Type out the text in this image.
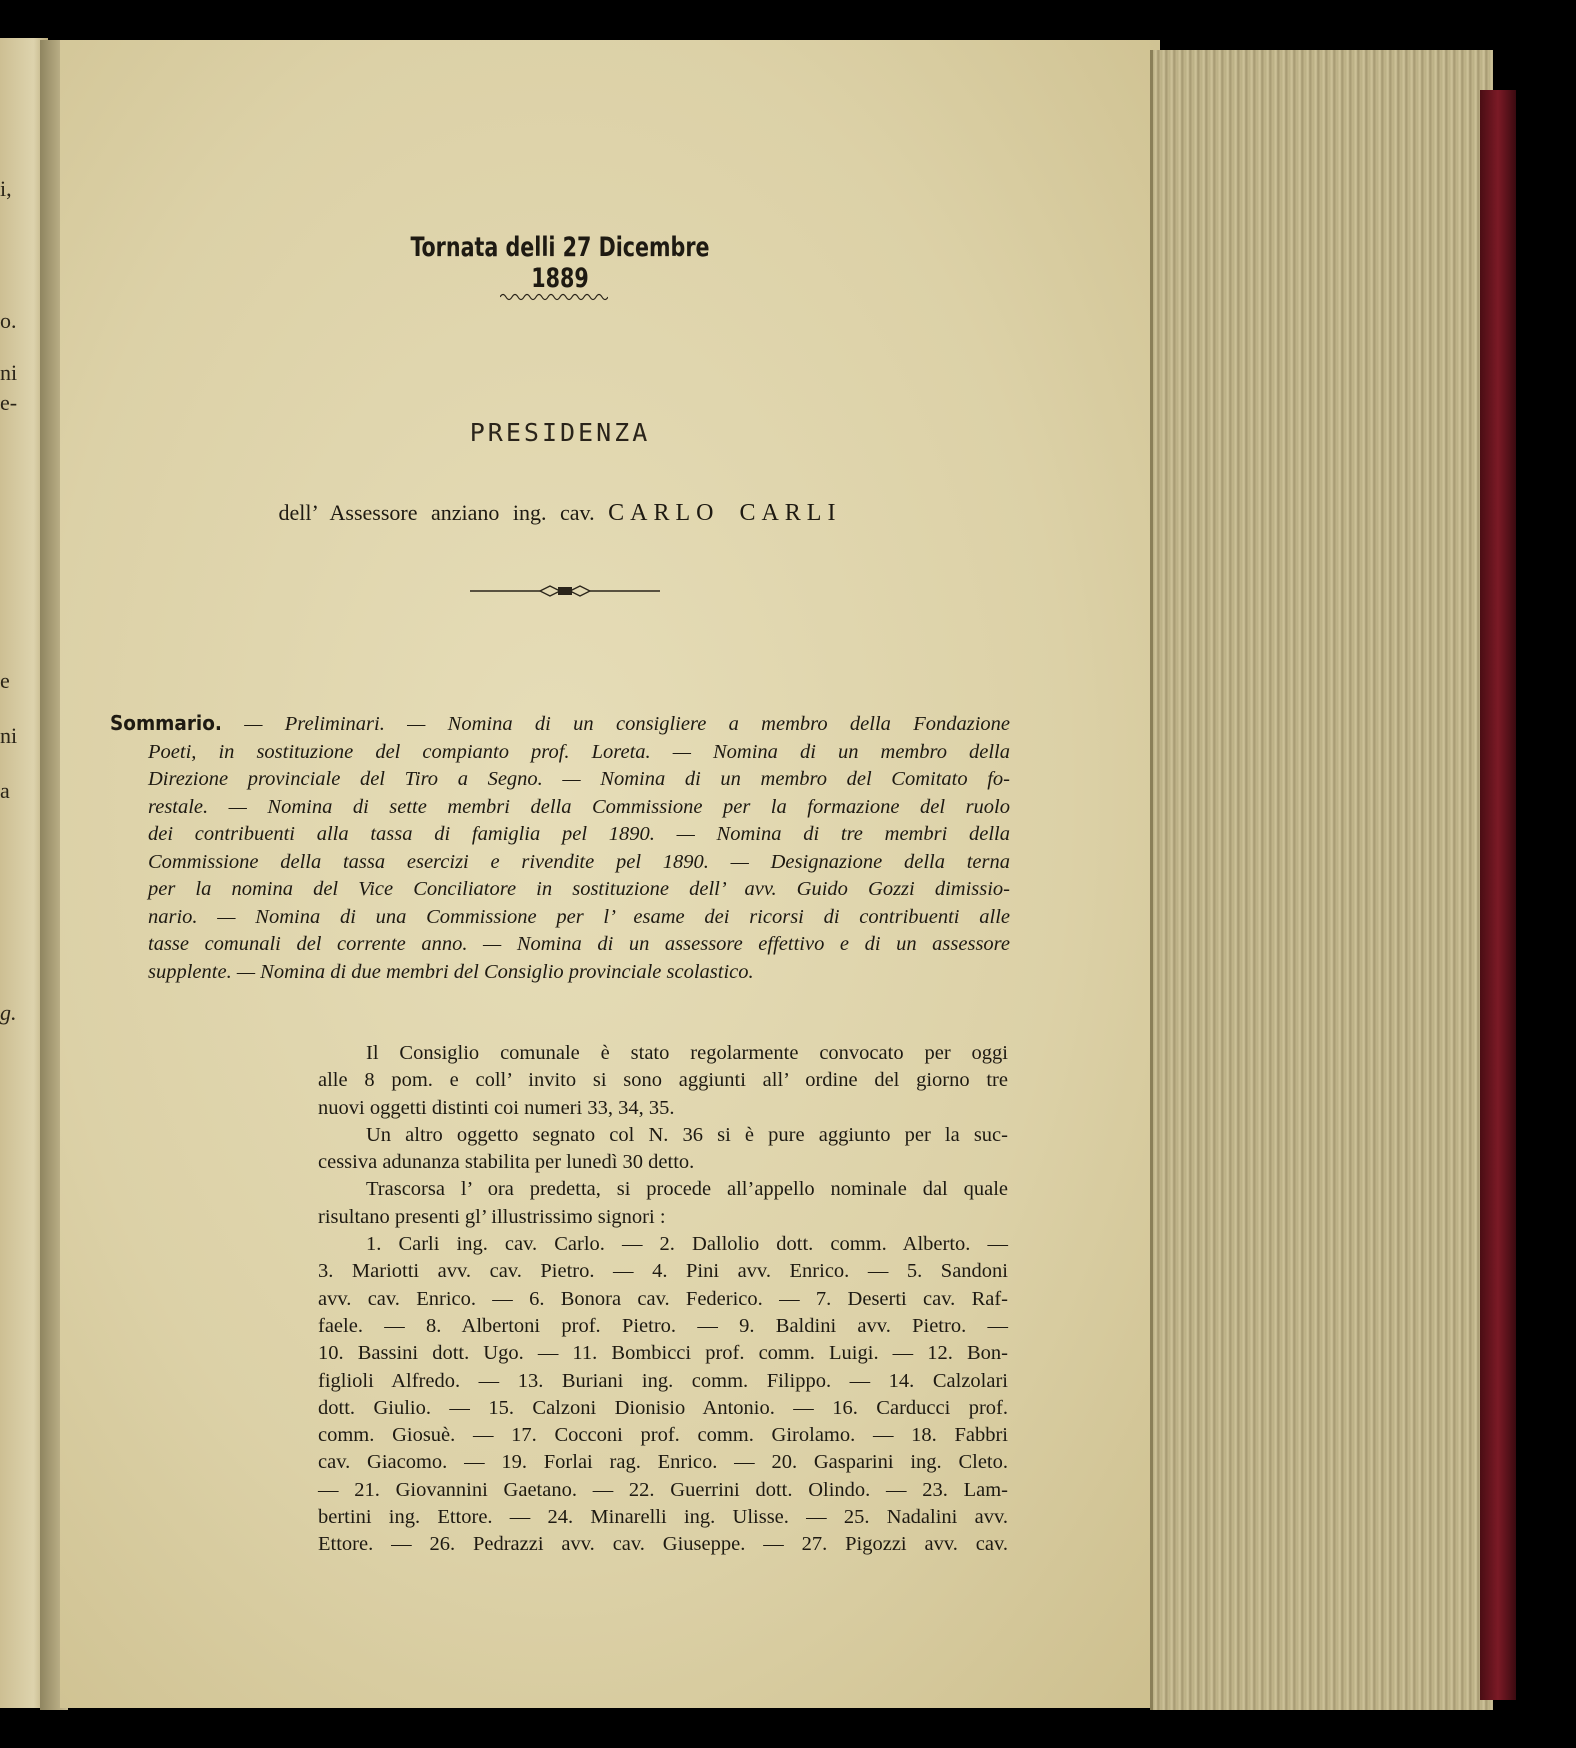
i,
o.
ni
e-
e
ni
a
g.
Tornata delli 27 Dicembre 1889
PRESIDENZA
dell’ Assessore anziano ing. cav. CARLO CARLI
Sommario. — Preliminari. — Nomina di un consigliere a membro della Fondazione
Poeti, in sostituzione del compianto prof. Loreta. — Nomina di un membro della
Direzione provinciale del Tiro a Segno. — Nomina di un membro del Comitato fo-
restale. — Nomina di sette membri della Commissione per la formazione del ruolo
dei contribuenti alla tassa di famiglia pel 1890. — Nomina di tre membri della
Commissione della tassa esercizi e rivendite pel 1890. — Designazione della terna
per la nomina del Vice Conciliatore in sostituzione dell’ avv. Guido Gozzi dimissio-
nario. — Nomina di una Commissione per l’ esame dei ricorsi di contribuenti alle
tasse comunali del corrente anno. — Nomina di un assessore effettivo e di un assessore
supplente. — Nomina di due membri del Consiglio provinciale scolastico.
Il Consiglio comunale è stato regolarmente convocato per oggi
alle 8 pom. e coll’ invito si sono aggiunti all’ ordine del giorno tre
nuovi oggetti distinti coi numeri 33, 34, 35.
Un altro oggetto segnato col N. 36 si è pure aggiunto per la suc-
cessiva adunanza stabilita per lunedì 30 detto.
Trascorsa l’ ora predetta, si procede all’appello nominale dal quale
risultano presenti gl’ illustrissimo signori :
1. Carli ing. cav. Carlo. — 2. Dallolio dott. comm. Alberto. —
3. Mariotti avv. cav. Pietro. — 4. Pini avv. Enrico. — 5. Sandoni
avv. cav. Enrico. — 6. Bonora cav. Federico. — 7. Deserti cav. Raf-
faele. — 8. Albertoni prof. Pietro. — 9. Baldini avv. Pietro. —
10. Bassini dott. Ugo. — 11. Bombicci prof. comm. Luigi. — 12. Bon-
figlioli Alfredo. — 13. Buriani ing. comm. Filippo. — 14. Calzolari
dott. Giulio. — 15. Calzoni Dionisio Antonio. — 16. Carducci prof.
comm. Giosuè. — 17. Cocconi prof. comm. Girolamo. — 18. Fabbri
cav. Giacomo. — 19. Forlai rag. Enrico. — 20. Gasparini ing. Cleto.
— 21. Giovannini Gaetano. — 22. Guerrini dott. Olindo. — 23. Lam-
bertini ing. Ettore. — 24. Minarelli ing. Ulisse. — 25. Nadalini avv.
Ettore. — 26. Pedrazzi avv. cav. Giuseppe. — 27. Pigozzi avv. cav.
